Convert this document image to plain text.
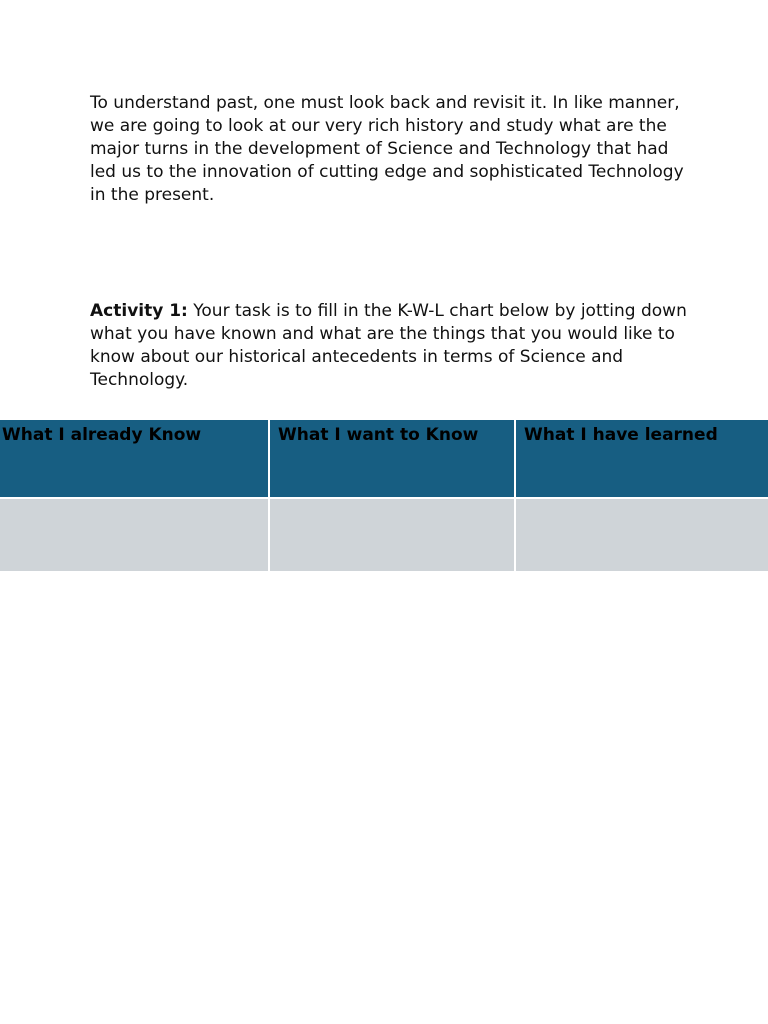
To understand past, one must look back and revisit it. In like manner, we are going to look at our very rich history and study what are the major turns in the development of Science and Technology that had led us to the innovation of cutting edge and sophisticated Technology in the present.

Activity 1: Your task is to fill in the K-W-L chart below by jotting down what you have known and what are the things that you would like to know about our historical antecedents in terms of Science and Technology.

What I already Know	What I want to Know	What I have learned
